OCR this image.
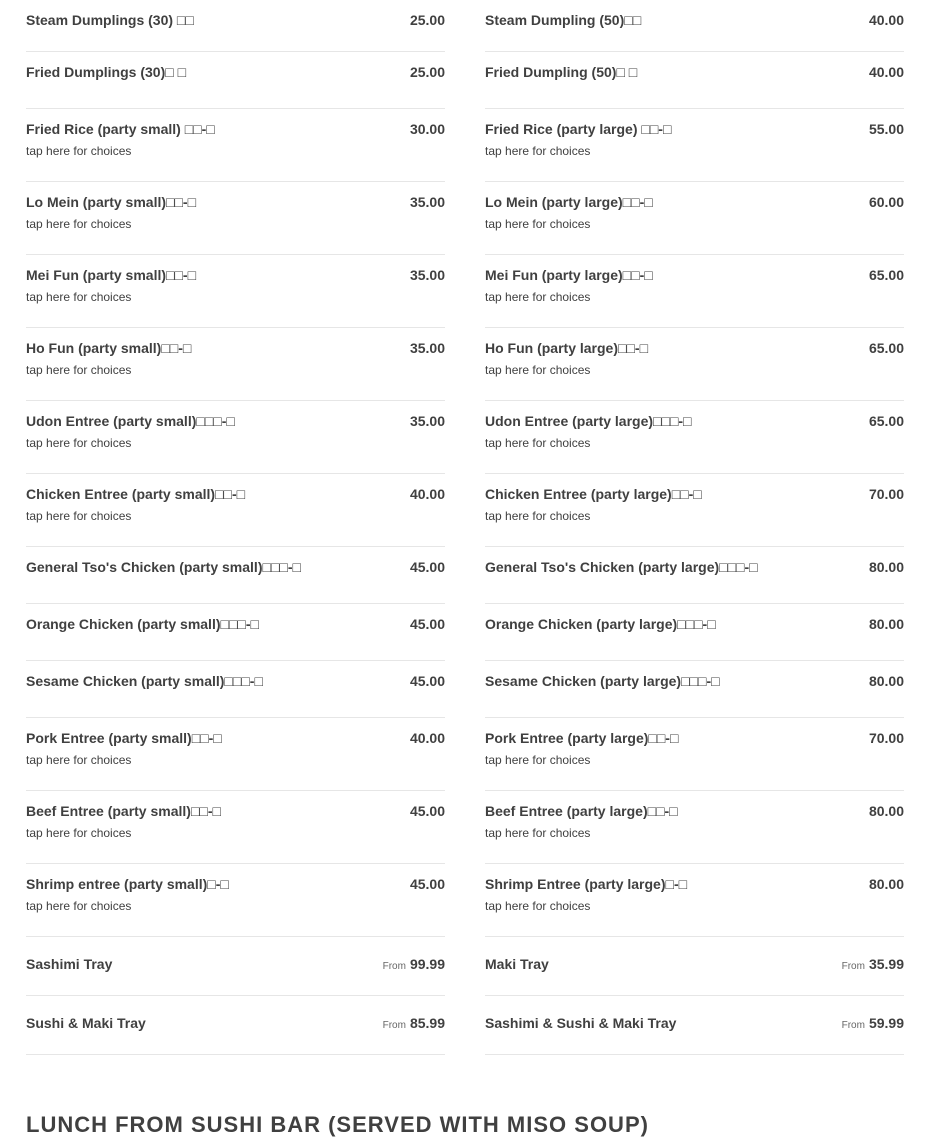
Steam Dumplings (30) □□	25.00	Steam Dumpling (50)□□	40.00
Fried Dumplings (30)□ □	25.00	Fried Dumpling (50)□ □	40.00
Fried Rice (party small) □□-□	30.00
tap here for choices
Fried Rice (party large) □□-□	55.00
tap here for choices
Lo Mein (party small)□□-□	35.00
tap here for choices
Lo Mein (party large)□□-□	60.00
tap here for choices
Mei Fun (party small)□□-□	35.00
tap here for choices
Mei Fun (party large)□□-□	65.00
tap here for choices
Ho Fun (party small)□□-□	35.00
tap here for choices
Ho Fun (party large)□□-□	65.00
tap here for choices
Udon Entree (party small)□□□-□	35.00
tap here for choices
Udon Entree (party large)□□□-□	65.00
tap here for choices
Chicken Entree (party small)□□-□	40.00
tap here for choices
Chicken Entree (party large)□□-□	70.00
tap here for choices
General Tso's Chicken (party small)□□□-□	45.00	General Tso's Chicken (party large)□□□-□	80.00
Orange Chicken (party small)□□□-□	45.00	Orange Chicken (party large)□□□-□	80.00
Sesame Chicken (party small)□□□-□	45.00	Sesame Chicken (party large)□□□-□	80.00
Pork Entree (party small)□□-□	40.00
tap here for choices
Pork Entree (party large)□□-□	70.00
tap here for choices
Beef Entree (party small)□□-□	45.00
tap here for choices
Beef Entree (party large)□□-□	80.00
tap here for choices
Shrimp entree (party small)□-□	45.00
tap here for choices
Shrimp Entree (party large)□-□	80.00
tap here for choices
Sashimi Tray	From 99.99	Maki Tray	From 35.99
Sushi & Maki Tray	From 85.99	Sashimi & Sushi & Maki Tray	From 59.99
LUNCH FROM SUSHI BAR (SERVED WITH MISO SOUP)
